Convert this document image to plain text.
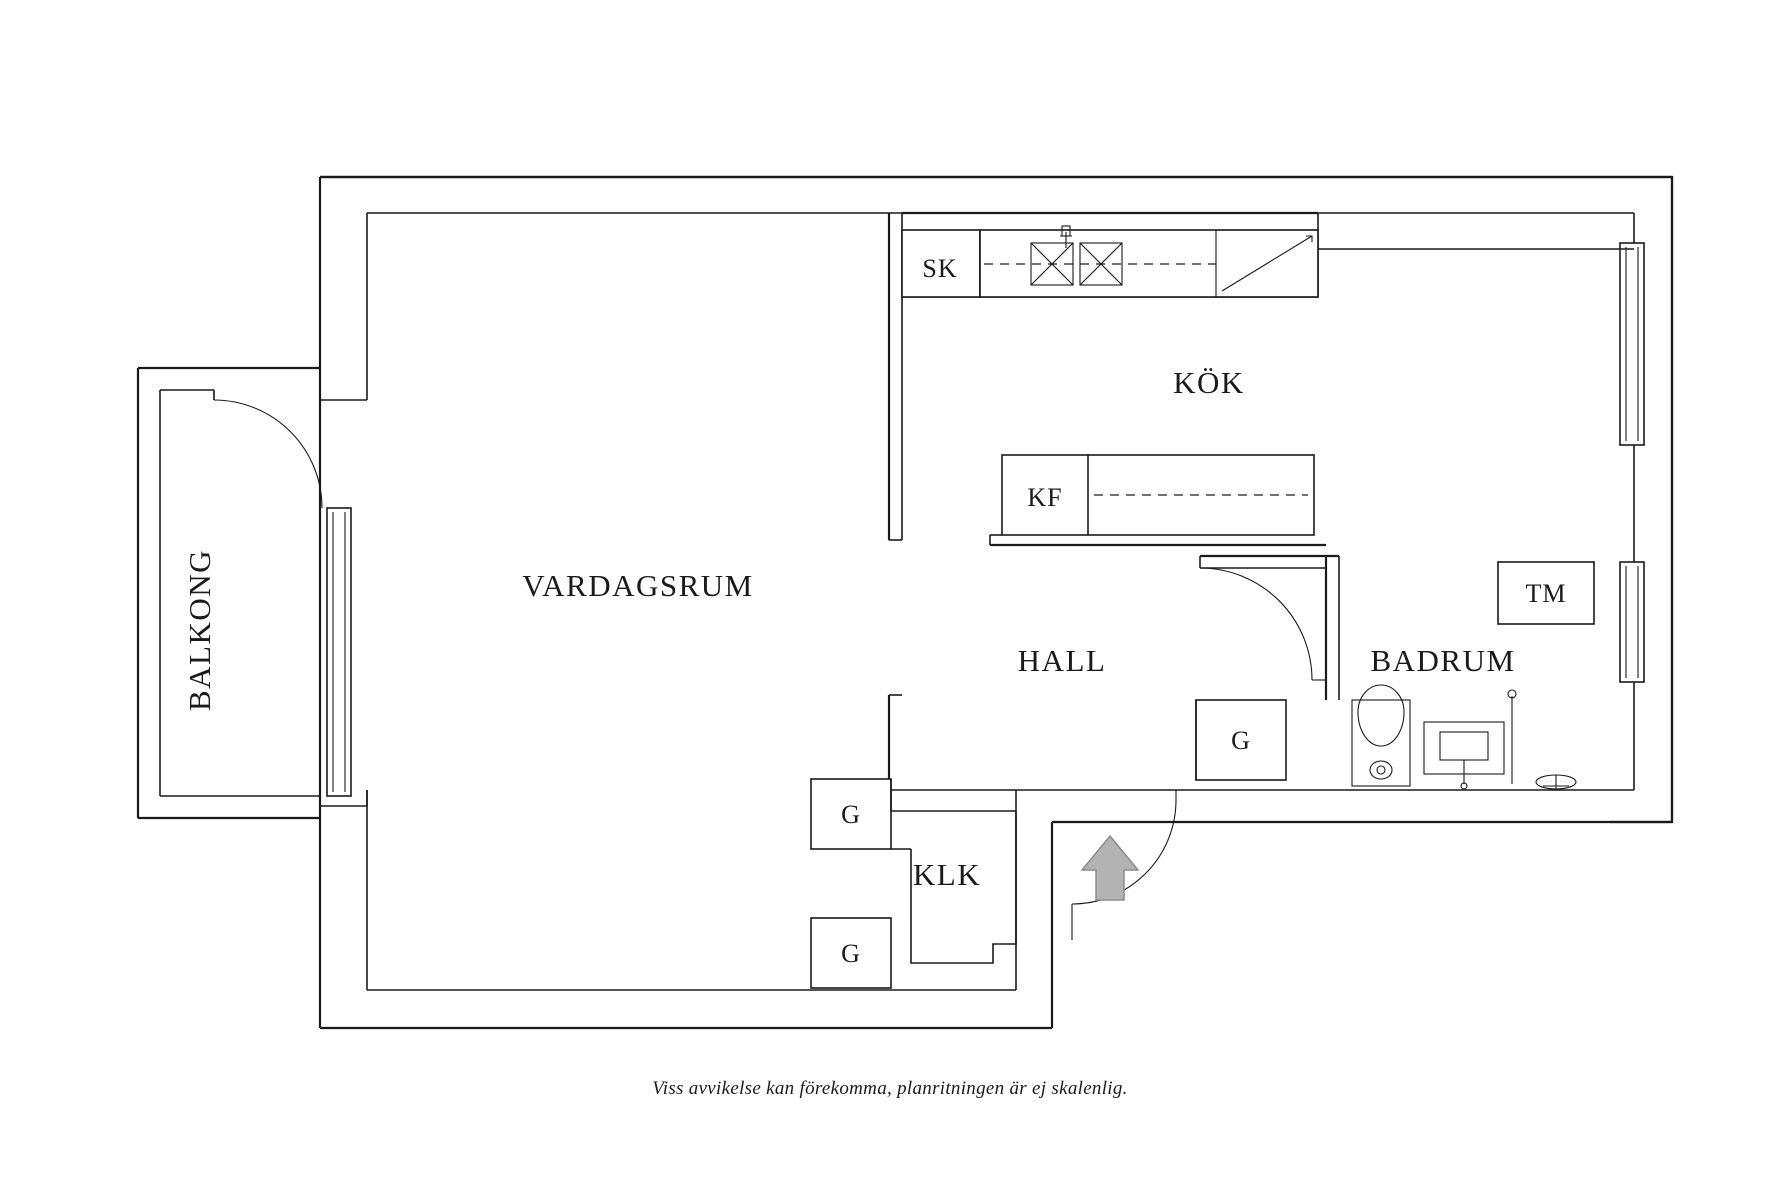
BALKONG	VARDAGSRUM
KÖK
HALL	BADRUM
KLK
SK
KF
TM
G
G
G
Viss avvikelse kan förekomma, planritningen är ej skalenlig.
